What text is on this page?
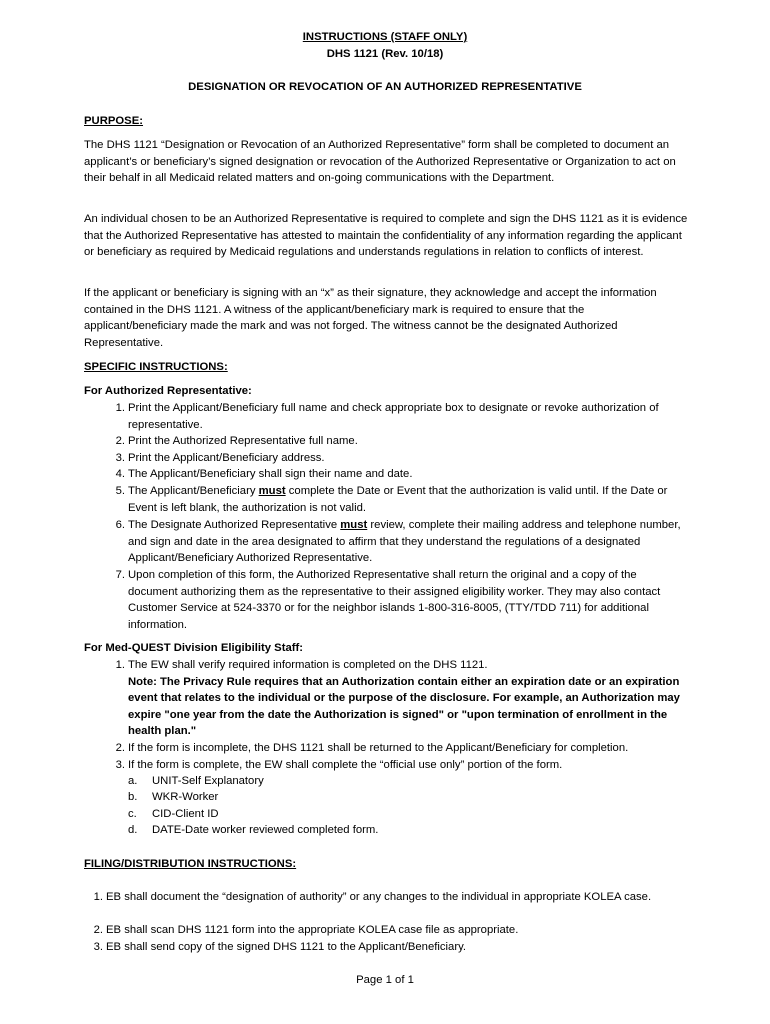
INSTRUCTIONS (STAFF ONLY)
DHS 1121 (Rev. 10/18)
DESIGNATION OR REVOCATION OF AN AUTHORIZED REPRESENTATIVE
PURPOSE:

The DHS 1121 “Designation or Revocation of an Authorized Representative” form shall be completed to document an applicant’s or beneficiary’s signed designation or revocation of the Authorized Representative or Organization to act on their behalf in all Medicaid related matters and on-going communications with the Department.

An individual chosen to be an Authorized Representative is required to complete and sign the DHS 1121 as it is evidence that the Authorized Representative has attested to maintain the confidentiality of any information regarding the applicant or beneficiary as required by Medicaid regulations and understands regulations in relation to conflicts of interest.

If the applicant or beneficiary is signing with an “x” as their signature, they acknowledge and accept the information contained in the DHS 1121. A witness of the applicant/beneficiary mark is required to ensure that the applicant/beneficiary made the mark and was not forged. The witness cannot be the designated Authorized Representative.

SPECIFIC INSTRUCTIONS:
For Authorized Representative:
1. Print the Applicant/Beneficiary full name and check appropriate box to designate or revoke authorization of representative.
2. Print the Authorized Representative full name.
3. Print the Applicant/Beneficiary address.
4. The Applicant/Beneficiary shall sign their name and date.
5. The Applicant/Beneficiary must complete the Date or Event that the authorization is valid until. If the Date or Event is left blank, the authorization is not valid.
6. The Designate Authorized Representative must review, complete their mailing address and telephone number, and sign and date in the area designated to affirm that they understand the regulations of a designated Applicant/Beneficiary Authorized Representative.
7. Upon completion of this form, the Authorized Representative shall return the original and a copy of the document authorizing them as the representative to their assigned eligibility worker. They may also contact Customer Service at 524-3370 or for the neighbor islands 1-800-316-8005, (TTY/TDD 711) for additional information.
For Med-QUEST Division Eligibility Staff:
1. The EW shall verify required information is completed on the DHS 1121.
Note: The Privacy Rule requires that an Authorization contain either an expiration date or an expiration event that relates to the individual or the purpose of the disclosure. For example, an Authorization may expire "one year from the date the Authorization is signed" or "upon termination of enrollment in the health plan."
2. If the form is incomplete, the DHS 1121 shall be returned to the Applicant/Beneficiary for completion.
3. If the form is complete, the EW shall complete the “official use only” portion of the form.
a.	UNIT-Self Explanatory
b.	WKR-Worker
c.	CID-Client ID
d.	DATE-Date worker reviewed completed form.
FILING/DISTRIBUTION INSTRUCTIONS:
1. EB shall document the “designation of authority” or any changes to the individual in appropriate KOLEA case.
2. EB shall scan DHS 1121 form into the appropriate KOLEA case file as appropriate.
3. EB shall send copy of the signed DHS 1121 to the Applicant/Beneficiary.
Page 1 of 1
